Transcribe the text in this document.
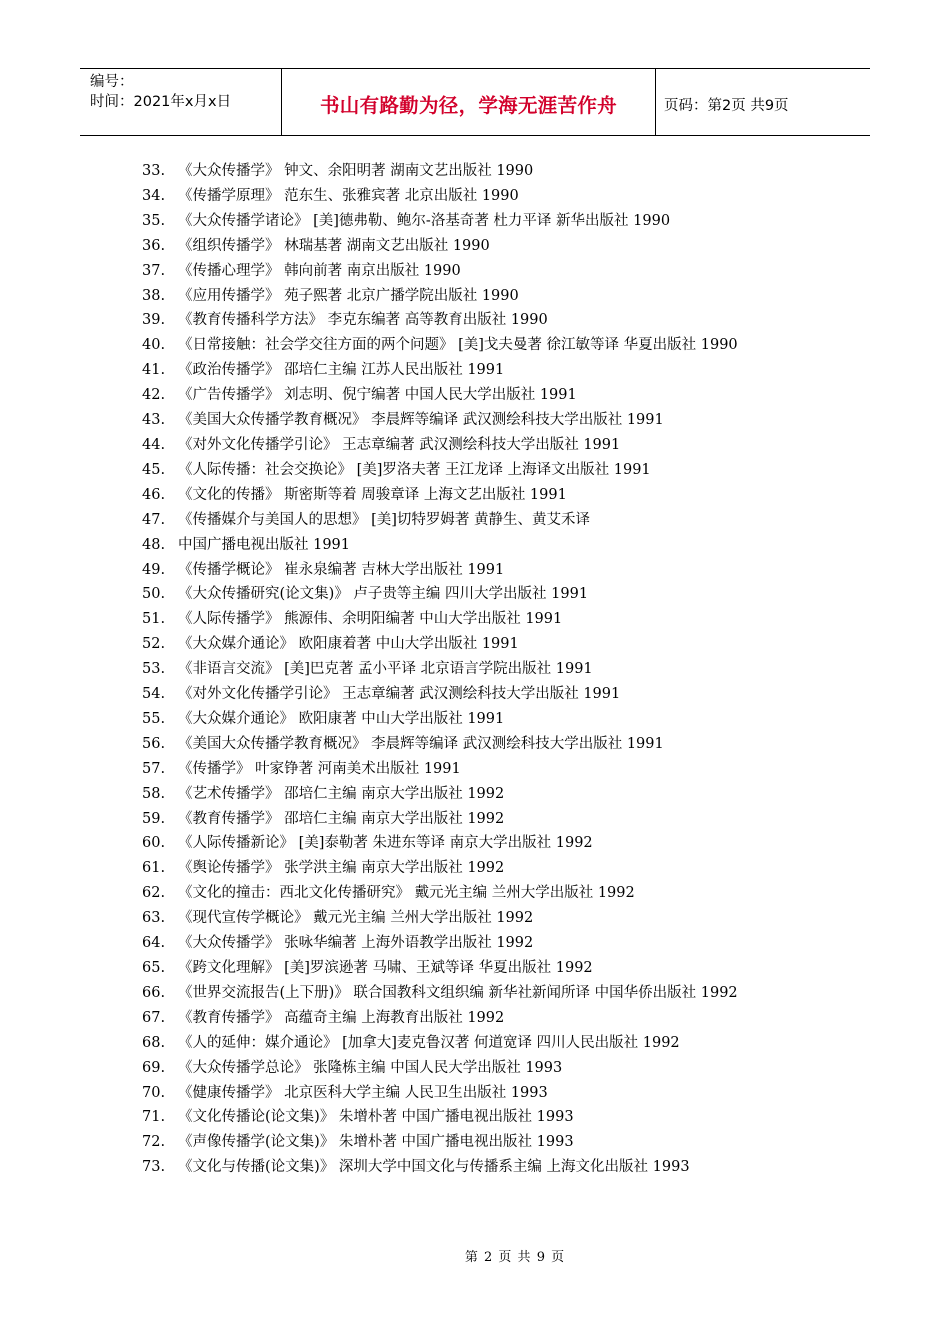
编号：
时间：2021年x月x日	书山有路勤为径，学海无涯苦作舟	页码：第2页 共9页
33. 《大众传播学》 钟文、余阳明著 湖南文艺出版社 1990
34. 《传播学原理》 范东生、张雅宾著 北京出版社 1990
35. 《大众传播学诸论》 [美]德弗勒、鲍尔-洛基奇著 杜力平译 新华出版社 1990
36. 《组织传播学》 林瑞基著 湖南文艺出版社 1990
37. 《传播心理学》 韩向前著 南京出版社 1990
38. 《应用传播学》 苑子熙著 北京广播学院出版社 1990
39. 《教育传播科学方法》 李克东编著 高等教育出版社 1990
40. 《日常接触：社会学交往方面的两个问题》 [美]戈夫曼著 徐江敏等译 华夏出版社 1990
41. 《政治传播学》 邵培仁主编 江苏人民出版社 1991
42. 《广告传播学》 刘志明、倪宁编著 中国人民大学出版社 1991
43. 《美国大众传播学教育概况》 李晨辉等编译 武汉测绘科技大学出版社 1991
44. 《对外文化传播学引论》 王志章编著 武汉测绘科技大学出版社 1991
45. 《人际传播：社会交换论》 [美]罗洛夫著 王江龙译 上海译文出版社 1991
46. 《文化的传播》 斯密斯等着 周骏章译 上海文艺出版社 1991
47. 《传播媒介与美国人的思想》 [美]切特罗姆著 黄静生、黄艾禾译
48. 中国广播电视出版社 1991
49. 《传播学概论》 崔永泉编著 吉林大学出版社 1991
50. 《大众传播研究(论文集)》 卢子贵等主编 四川大学出版社 1991
51. 《人际传播学》 熊源伟、余明阳编著 中山大学出版社 1991
52. 《大众媒介通论》 欧阳康着著 中山大学出版社 1991
53. 《非语言交流》 [美]巴克著 孟小平译 北京语言学院出版社 1991
54. 《对外文化传播学引论》 王志章编著 武汉测绘科技大学出版社 1991
55. 《大众媒介通论》 欧阳康著 中山大学出版社 1991
56. 《美国大众传播学教育概况》 李晨辉等编译 武汉测绘科技大学出版社 1991
57. 《传播学》 叶家铮著 河南美术出版社 1991
58. 《艺术传播学》 邵培仁主编 南京大学出版社 1992
59. 《教育传播学》 邵培仁主编 南京大学出版社 1992
60. 《人际传播新论》 [美]泰勒著 朱进东等译 南京大学出版社 1992
61. 《舆论传播学》 张学洪主编 南京大学出版社 1992
62. 《文化的撞击：西北文化传播研究》 戴元光主编 兰州大学出版社 1992
63. 《现代宣传学概论》 戴元光主编 兰州大学出版社 1992
64. 《大众传播学》 张咏华编著 上海外语教学出版社 1992
65. 《跨文化理解》 [美]罗滨逊著 马啸、王斌等译 华夏出版社 1992
66. 《世界交流报告(上下册)》 联合国教科文组织编 新华社新闻所译 中国华侨出版社 1992
67. 《教育传播学》 高蕴奇主编 上海教育出版社 1992
68. 《人的延伸：媒介通论》 [加拿大]麦克鲁汉著 何道宽译 四川人民出版社 1992
69. 《大众传播学总论》 张隆栋主编 中国人民大学出版社 1993
70. 《健康传播学》 北京医科大学主编 人民卫生出版社 1993
71. 《文化传播论(论文集)》 朱增朴著 中国广播电视出版社 1993
72. 《声像传播学(论文集)》 朱增朴著 中国广播电视出版社 1993
73. 《文化与传播(论文集)》 深圳大学中国文化与传播系主编 上海文化出版社 1993
第 2 页 共 9 页
